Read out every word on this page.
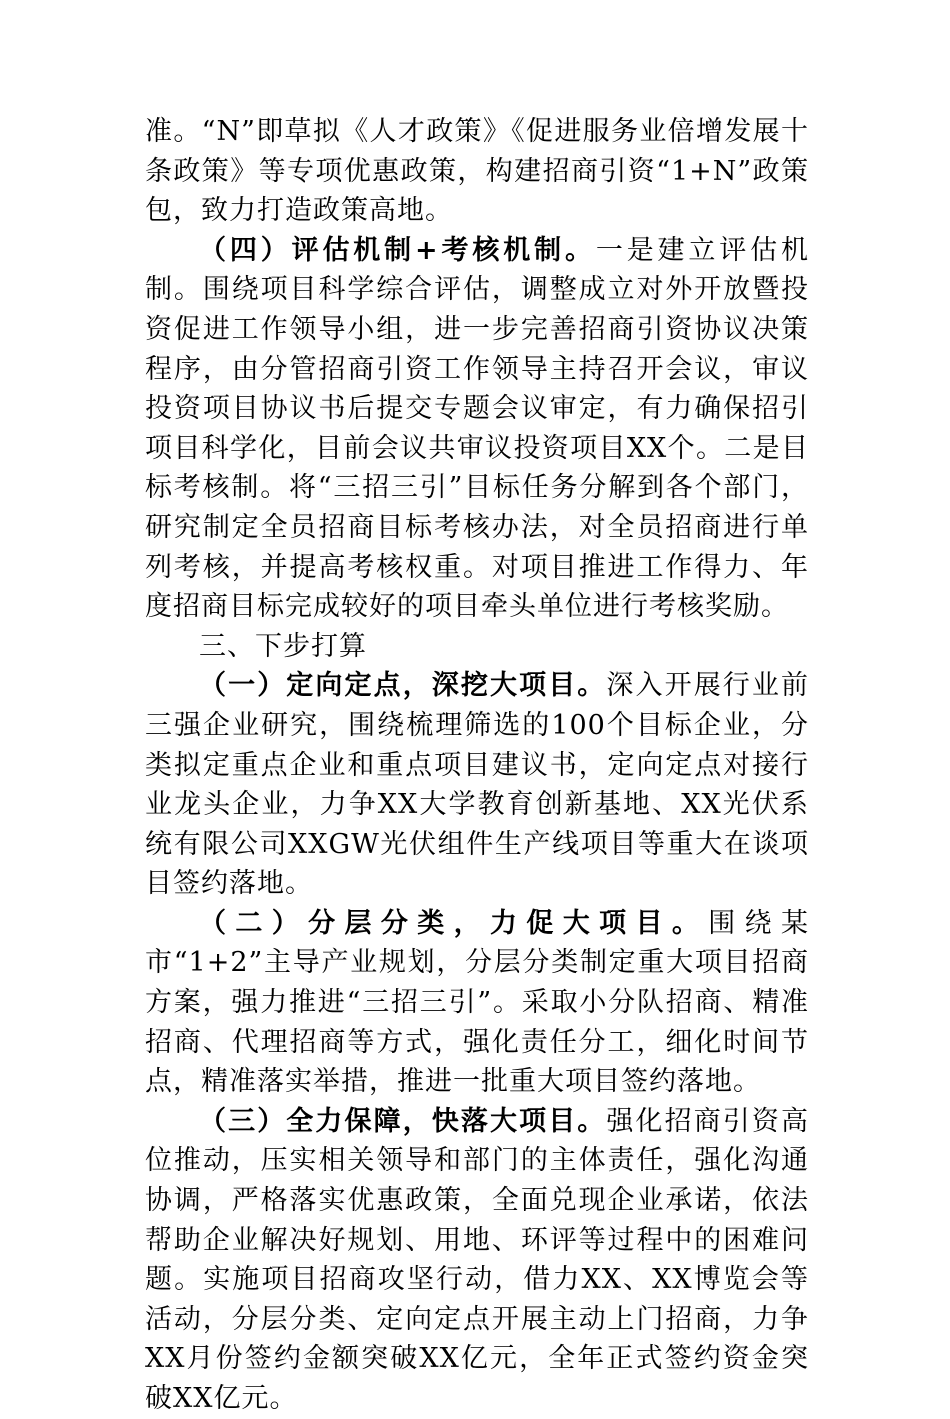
准。“N”即草拟《人才政策》《促进服务业倍增发展十条政策》等专项优惠政策，构建招商引资“1+N”政策包，致力打造政策高地。

（四）评估机制+考核机制。一是建立评估机制。围绕项目科学综合评估，调整成立对外开放暨投资促进工作领导小组，进一步完善招商引资协议决策程序，由分管招商引资工作领导主持召开会议，审议投资项目协议书后提交专题会议审定，有力确保招引项目科学化，目前会议共审议投资项目XX个。二是目标考核制。将“三招三引”目标任务分解到各个部门，研究制定全员招商目标考核办法，对全员招商进行单列考核，并提高考核权重。对项目推进工作得力、年度招商目标完成较好的项目牵头单位进行考核奖励。

三、下步打算

（一）定向定点，深挖大项目。深入开展行业前三强企业研究，围绕梳理筛选的100个目标企业，分类拟定重点企业和重点项目建议书，定向定点对接行业龙头企业，力争XX大学教育创新基地、XX光伏系统有限公司XXGW光伏组件生产线项目等重大在谈项目签约落地。

（二）分层分类，力促大项目。围绕某市“1+2”主导产业规划，分层分类制定重大项目招商方案，强力推进“三招三引”。采取小分队招商、精准招商、代理招商等方式，强化责任分工，细化时间节点，精准落实举措，推进一批重大项目签约落地。

（三）全力保障，快落大项目。强化招商引资高位推动，压实相关领导和部门的主体责任，强化沟通协调，严格落实优惠政策，全面兑现企业承诺，依法帮助企业解决好规划、用地、环评等过程中的困难问题。实施项目招商攻坚行动，借力XX、XX博览会等活动，分层分类、定向定点开展主动上门招商，力争XX月份签约金额突破XX亿元，全年正式签约资金突破XX亿元。
